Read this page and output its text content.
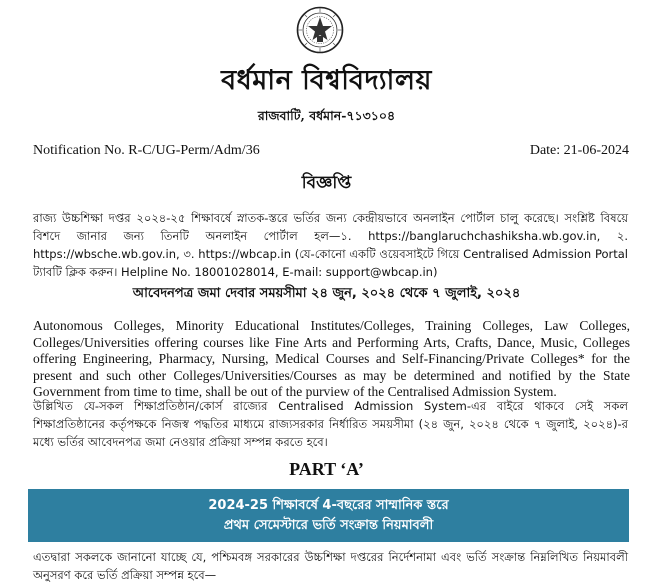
বর্ধমান বিশ্ববিদ্যালয়
রাজবাটি, বর্ধমান-৭১৩১০৪
Notification No. R-C/UG-Perm/Adm/36	Date: 21-06-2024
বিজ্ঞপ্তি
রাজ্য উচ্চশিক্ষা দপ্তর ২০২৪-২৫ শিক্ষাবর্ষে স্নাতক-স্তরে ভর্তির জন্য কেন্দ্রীয়ভাবে অনলাইন পোর্টাল চালু করেছে। সংশ্লিষ্ট বিষয়ে বিশদে জানার জন্য তিনটি অনলাইন পোর্টাল হল—১. https://banglaruchchashiksha.wb.gov.in, ২. https://wbsche.wb.gov.in, ৩. https://wbcap.in (যে-কোনো একটি ওয়েবসাইটে গিয়ে Centralised Admission Portal ট্যাবটি ক্লিক করুন। Helpline No. 18001028014, E-mail: support@wbcap.in)
আবেদনপত্র জমা দেবার সময়সীমা ২৪ জুন, ২০২৪ থেকে ৭ জুলাই, ২০২৪
Autonomous Colleges, Minority Educational Institutes/Colleges, Training Colleges, Law Colleges, Colleges/Universities offering courses like Fine Arts and Performing Arts, Crafts, Dance, Music, Colleges offering Engineering, Pharmacy, Nursing, Medical Courses and Self-Financing/Private Colleges* for the present and such other Colleges/Universities/Courses as may be determined and notified by the State Government from time to time, shall be out of the purview of the Centralised Admission System.
উল্লিখিত যে-সকল শিক্ষাপ্রতিষ্ঠান/কোর্স রাজ্যের Centralised Admission System-এর বাইরে থাকবে সেই সকল শিক্ষাপ্রতিষ্ঠানের কর্তৃপক্ষকে নিজস্ব পদ্ধতির মাধ্যমে রাজ্যসরকার নির্ধারিত সময়সীমা (২৪ জুন, ২০২৪ থেকে ৭ জুলাই, ২০২৪)-র মধ্যে ভর্তির আবেদনপত্র জমা নেওয়ার প্রক্রিয়া সম্পন্ন করতে হবে।
PART ‘A’
2024-25 শিক্ষাবর্ষে 4-বছরের সাম্মানিক স্তরে
প্রথম সেমেস্টারে ভর্তি সংক্রান্ত নিয়মাবলী
এতদ্বারা সকলকে জানানো যাচ্ছে যে, পশ্চিমবঙ্গ সরকারের উচ্চশিক্ষা দপ্তরের নির্দেশনামা এবং ভর্তি সংক্রান্ত নিম্নলিখিত নিয়মাবলী অনুসরণ করে ভর্তি প্রক্রিয়া সম্পন্ন হবে—
